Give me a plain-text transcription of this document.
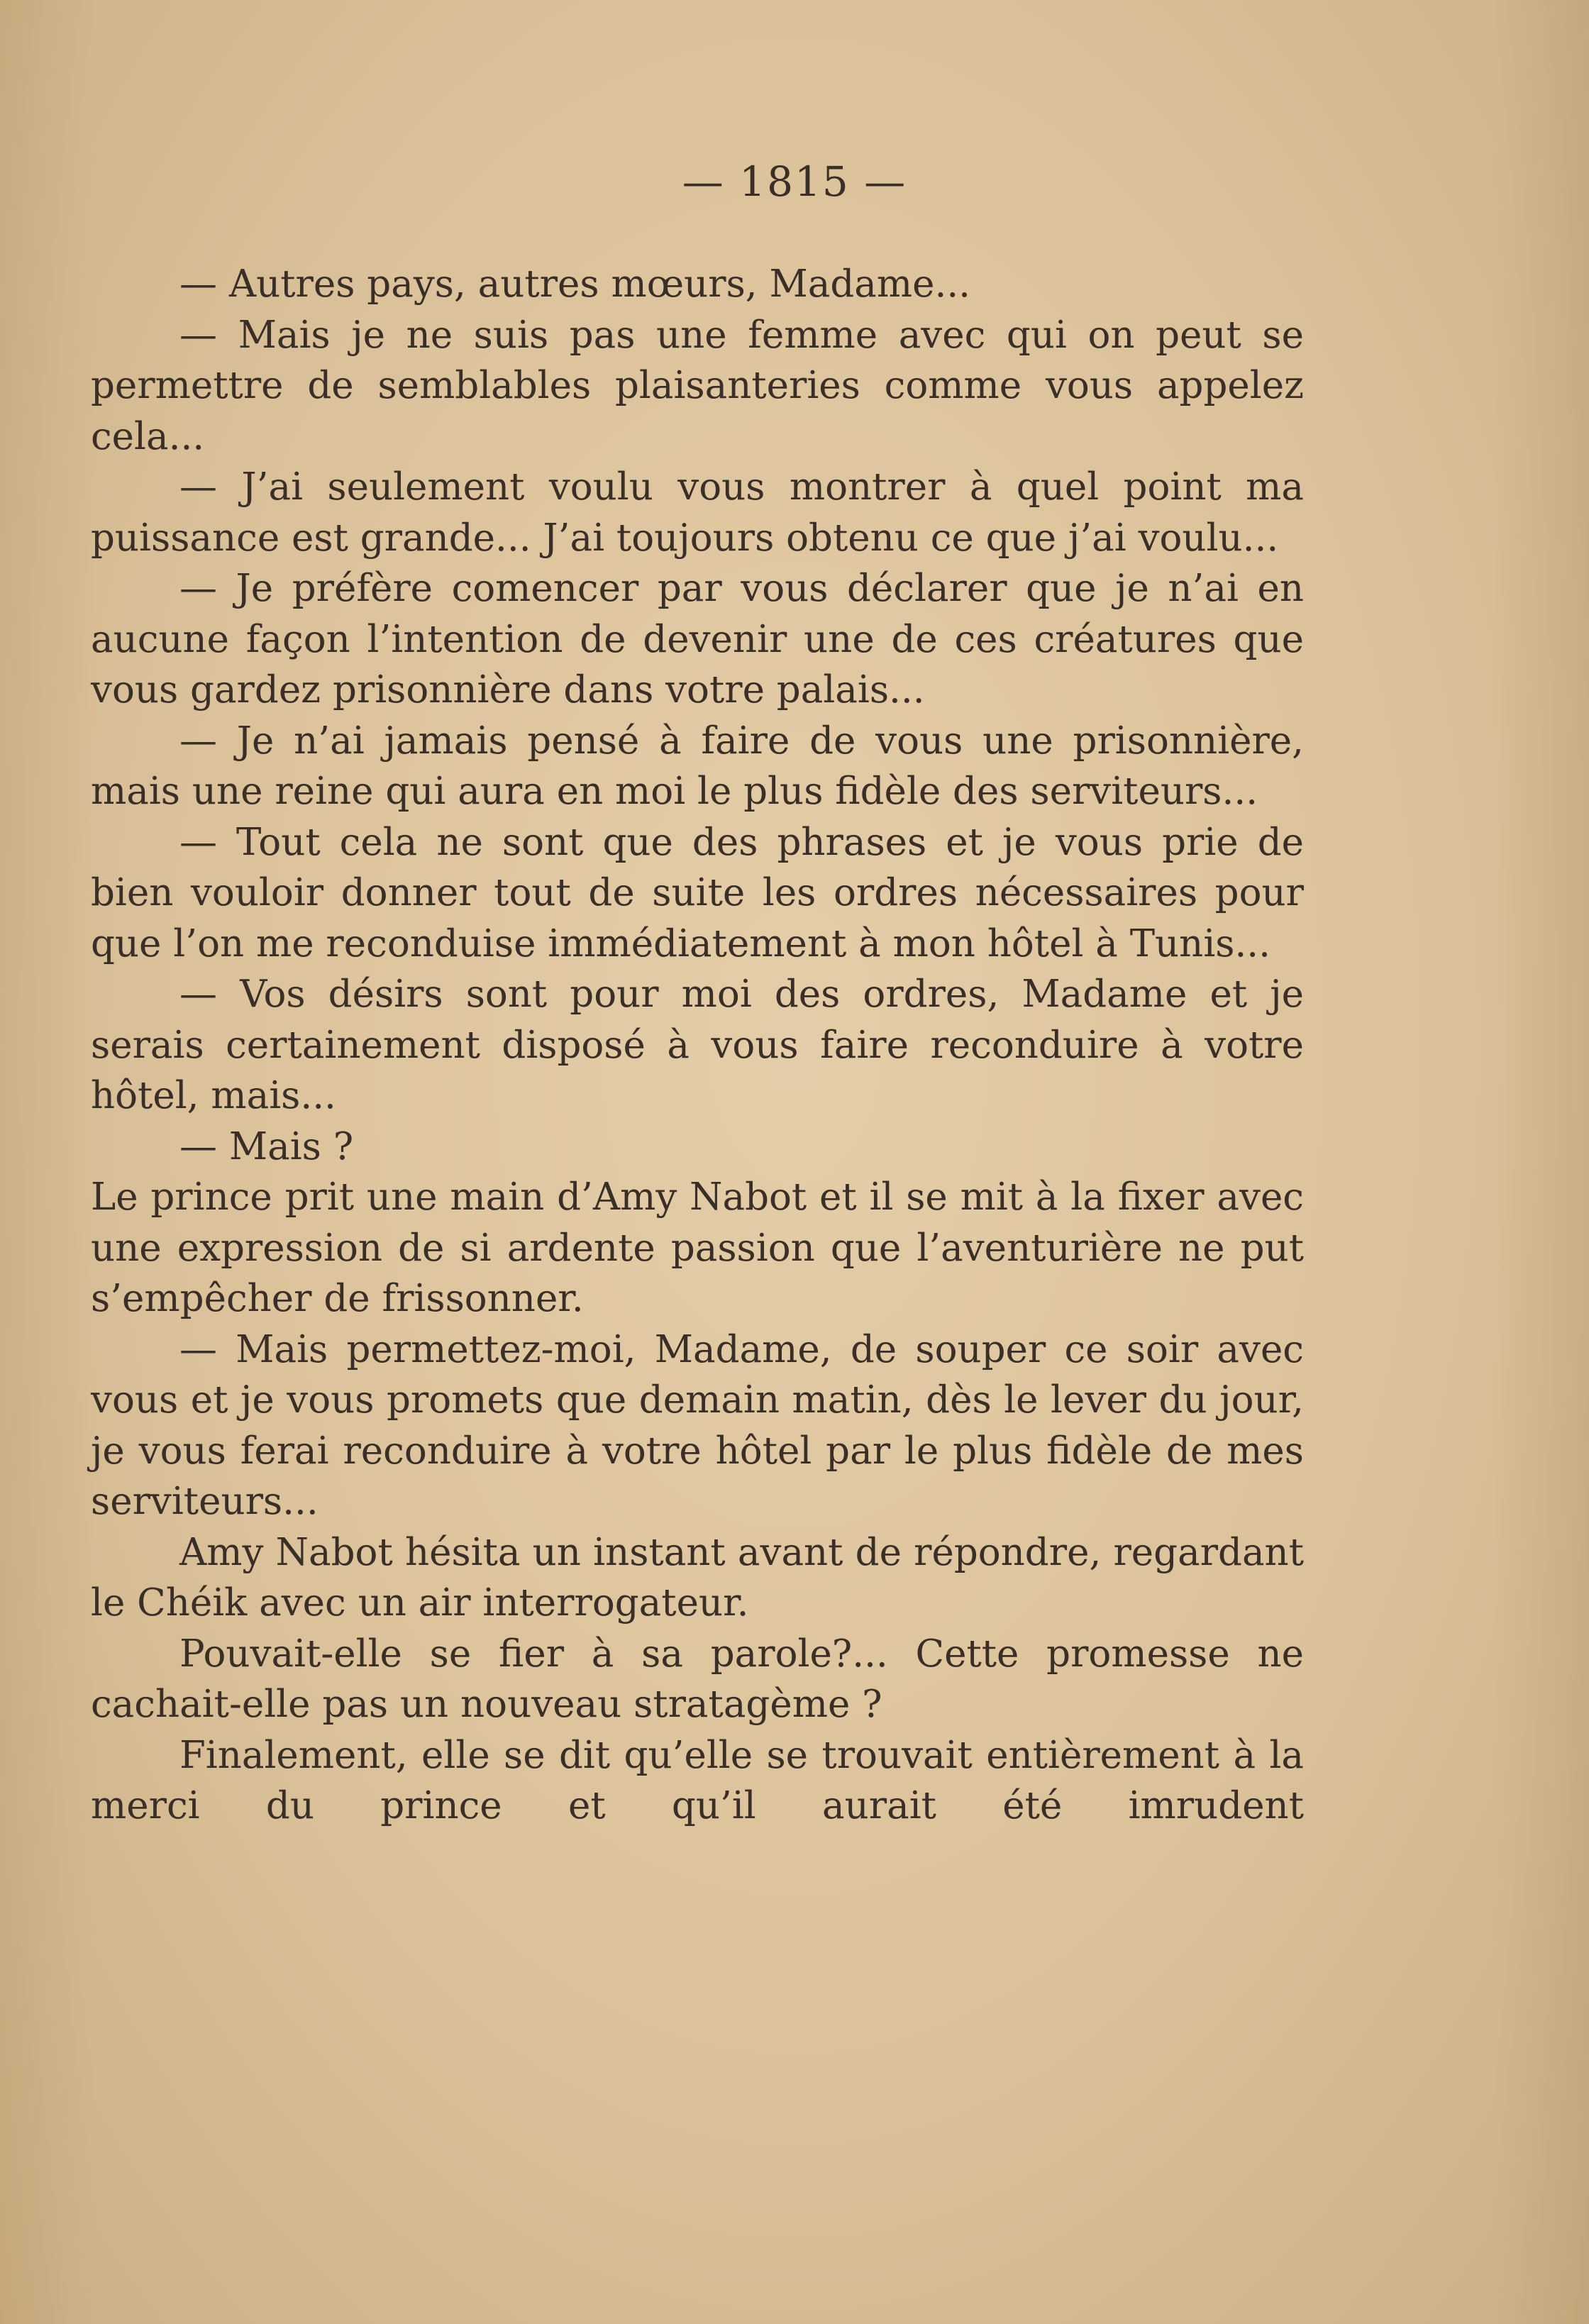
— 1815 —

— Autres pays, autres mœurs, Madame...

— Mais je ne suis pas une femme avec qui on peut se permettre de semblables plaisanteries comme vous appelez cela...

— J’ai seulement voulu vous montrer à quel point ma puissance est grande... J’ai toujours obtenu ce que j’ai voulu...

— Je préfère comencer par vous déclarer que je n’ai en aucune façon l’intention de devenir une de ces créatures que vous gardez prisonnière dans votre palais...

— Je n’ai jamais pensé à faire de vous une prisonnière, mais une reine qui aura en moi le plus fidèle des serviteurs...

— Tout cela ne sont que des phrases et je vous prie de bien vouloir donner tout de suite les ordres nécessaires pour que l’on me reconduise immédiatement à mon hôtel à Tunis...

— Vos désirs sont pour moi des ordres, Madame et je serais certainement disposé à vous faire reconduire à votre hôtel, mais...

— Mais ?

Le prince prit une main d’Amy Nabot et il se mit à la fixer avec une expression de si ardente passion que l’aventurière ne put s’empêcher de frissonner.

— Mais permettez-moi, Madame, de souper ce soir avec vous et je vous promets que demain matin, dès le lever du jour, je vous ferai reconduire à votre hôtel par le plus fidèle de mes serviteurs...

Amy Nabot hésita un instant avant de répondre, regardant le Chéik avec un air interrogateur.

Pouvait-elle se fier à sa parole?... Cette promesse ne cachait-elle pas un nouveau stratagème ?

Finalement, elle se dit qu’elle se trouvait entièrement à la merci du prince et qu’il aurait été imrudent
